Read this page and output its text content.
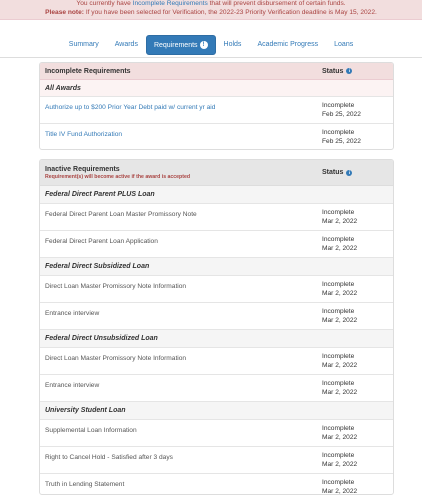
You currently have Incomplete Requirements that will prevent disbursement of certain funds.
Please note: If you have been selected for Verification, the 2022-23 Priority Verification deadline is May 15, 2022.
Summary	Awards	Requirements !	Holds	Academic Progress	Loans
Incomplete Requirements	Status	i
All Awards
Authorize up to $200 Prior Year Debt paid w/ current yr aid	Incomplete
Feb 25, 2022
Title IV Fund Authorization	Incomplete
Feb 25, 2022
Inactive Requirements
Requirement(s) will become active if the award is accepted
Status	i
Federal Direct Parent PLUS Loan
Federal Direct Parent Loan Master Promissory Note	Incomplete
Mar 2, 2022
Federal Direct Parent Loan Application	Incomplete
Mar 2, 2022
Federal Direct Subsidized Loan
Direct Loan Master Promissory Note Information	Incomplete
Mar 2, 2022
Entrance interview	Incomplete
Mar 2, 2022
Federal Direct Unsubsidized Loan
Direct Loan Master Promissory Note Information	Incomplete
Mar 2, 2022
Entrance interview	Incomplete
Mar 2, 2022
University Student Loan
Supplemental Loan Information	Incomplete
Mar 2, 2022
Right to Cancel Hold - Satisfied after 3 days	Incomplete
Mar 2, 2022
Truth in Lending Statement	Incomplete
Mar 2, 2022
